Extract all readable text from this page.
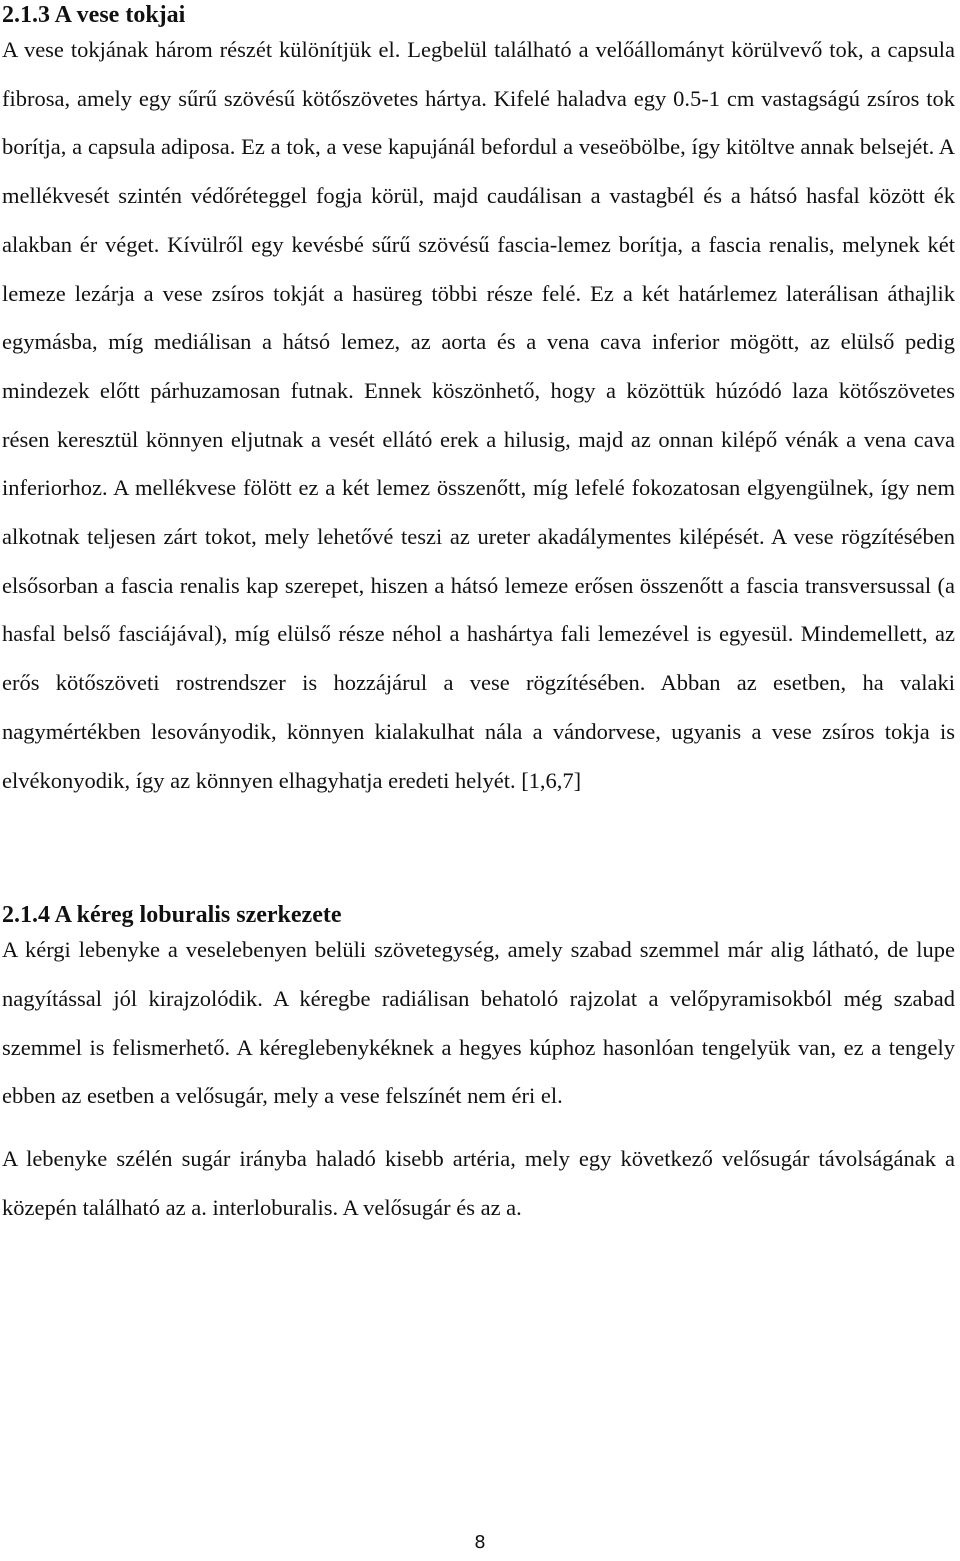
2.1.3 A vese tokjai

A vese tokjának három részét különítjük el. Legbelül található a velőállományt körülvevő tok, a capsula fibrosa, amely egy sűrű szövésű kötőszövetes hártya. Kifelé haladva egy 0.5-1 cm vastagságú zsíros tok borítja, a capsula adiposa. Ez a tok, a vese kapujánál befordul a veseöbölbe, így kitöltve annak belsejét. A mellékvesét szintén védőréteggel fogja körül, majd caudálisan a vastagbél és a hátsó hasfal között ék alakban ér véget. Kívülről egy kevésbé sűrű szövésű fascia-lemez borítja, a fascia renalis, melynek két lemeze lezárja a vese zsíros tokját a hasüreg többi része felé. Ez a két határlemez laterálisan áthajlik egymásba, míg mediálisan a hátsó lemez, az aorta és a vena cava inferior mögött, az elülső pedig mindezek előtt párhuzamosan futnak. Ennek köszönhető, hogy a közöttük húzódó laza kötőszövetes résen keresztül könnyen eljutnak a vesét ellátó erek a hilusig, majd az onnan kilépő vénák a vena cava inferiorhoz. A mellékvese fölött ez a két lemez összenőtt, míg lefelé fokozatosan elgyengülnek, így nem alkotnak teljesen zárt tokot, mely lehetővé teszi az ureter akadálymentes kilépését. A vese rögzítésében elsősorban a fascia renalis kap szerepet, hiszen a hátsó lemeze erősen összenőtt a fascia transversussal (a hasfal belső fasciájával), míg elülső része néhol a hashártya fali lemezével is egyesül. Mindemellett, az erős kötőszöveti rostrendszer is hozzájárul a vese rögzítésében. Abban az esetben, ha valaki nagymértékben lesoványodik, könnyen kialakulhat nála a vándorvese, ugyanis a vese zsíros tokja is elvékonyodik, így az könnyen elhagyhatja eredeti helyét. [1,6,7]

2.1.4 A kéreg loburalis szerkezete

A kérgi lebenyke a veselebenyen belüli szövetegység, amely szabad szemmel már alig látható, de lupe nagyítással jól kirajzolódik. A kéregbe radiálisan behatoló rajzolat a velőpyramisokból még szabad szemmel is felismerhető. A kéreglebenykéknek a hegyes kúphoz hasonlóan tengelyük van, ez a tengely ebben az esetben a velősugár, mely a vese felszínét nem éri el.

A lebenyke szélén sugár irányba haladó kisebb artéria, mely egy következő velősugár távolságának a közepén található az a. interloburalis. A velősugár és az a.

8
